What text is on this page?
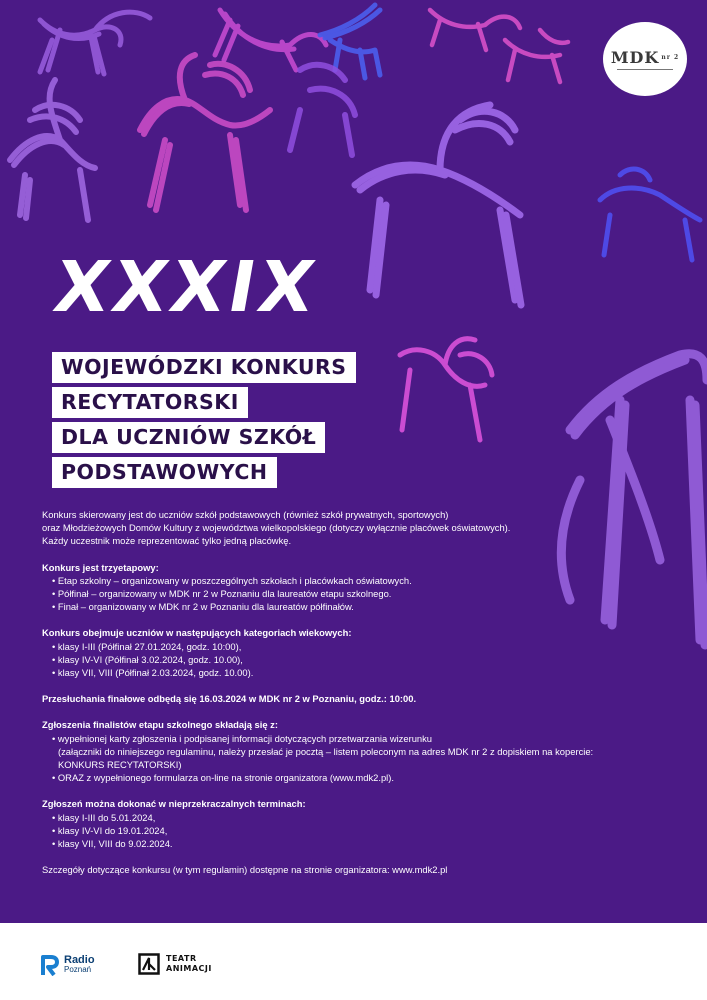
MDK $^{nr 2}$
XXXIX
WOJEWÓDZKI KONKURS
RECYTATORSKI
DLA UCZNIÓW SZKÓŁ
PODSTAWOWYCH

Konkurs skierowany jest do uczniów szkół podstawowych (również szkół prywatnych, sportowych)

oraz Młodzieżowych Domów Kultury z województwa wielkopolskiego (dotyczy wyłącznie placówek oświatowych).

Każdy uczestnik może reprezentować tylko jedną placówkę.

Konkurs jest trzyetapowy:

• Etap szkolny – organizowany w poszczególnych szkołach i placówkach oświatowych.

• Półfinał – organizowany w MDK nr 2 w Poznaniu dla laureatów etapu szkolnego.

• Finał – organizowany w MDK nr 2 w Poznaniu dla laureatów półfinałów.

Konkurs obejmuje uczniów w następujących kategoriach wiekowych:

• klasy I-III (Półfinał 27.01.2024, godz. 10:00),

• klasy IV-VI (Półfinał 3.02.2024, godz. 10.00),

• klasy VII, VIII (Półfinał 2.03.2024, godz. 10.00).

Przesłuchania finałowe odbędą się 16.03.2024 w MDK nr 2 w Poznaniu, godz.: 10:00.

Zgłoszenia finalistów etapu szkolnego składają się z:

• wypełnionej karty zgłoszenia i podpisanej informacji dotyczących przetwarzania wizerunku

(załączniki do niniejszego regulaminu, należy przesłać je pocztą – listem poleconym na adres MDK nr 2 z dopiskiem na kopercie:

KONKURS RECYTATORSKI)

• ORAZ z wypełnionego formularza on-line na stronie organizatora (www.mdk2.pl).

Zgłoszeń można dokonać w nieprzekraczalnych terminach:

• klasy I-III do 5.01.2024,

• klasy IV-VI do 19.01.2024,

• klasy VII, VIII do 9.02.2024.

Szczegóły dotyczące konkursu (w tym regulamin) dostępne na stronie organizatora: www.mdk2.pl

Radio
Poznań
TEATR
ANIMACJI
